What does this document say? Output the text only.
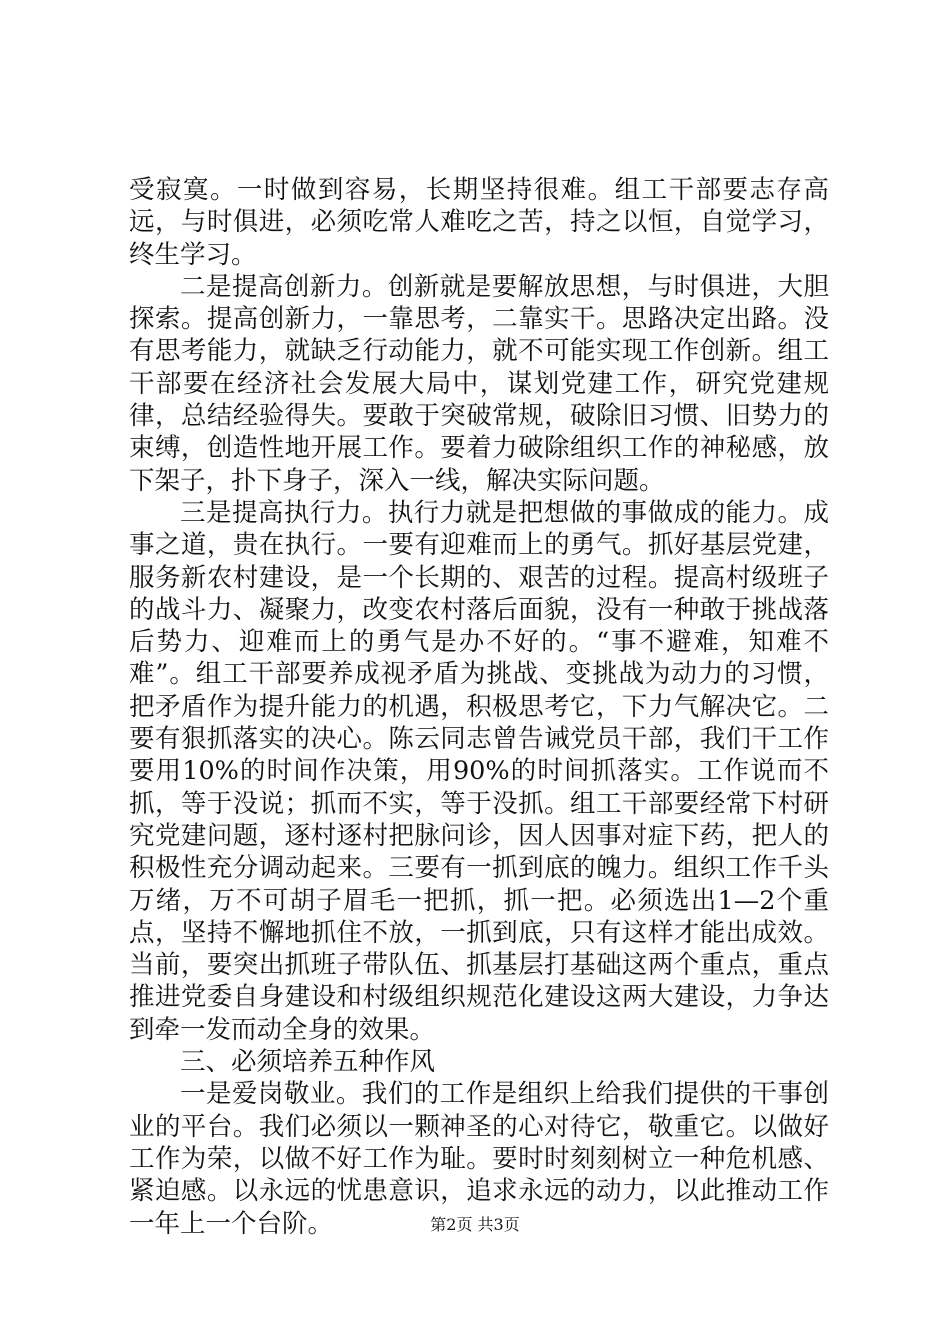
受寂寞。一时做到容易，长期坚持很难。组工干部要志存高远，与时俱进，必须吃常人难吃之苦，持之以恒，自觉学习，终生学习。

二是提高创新力。创新就是要解放思想，与时俱进，大胆探索。提高创新力，一靠思考，二靠实干。思路决定出路。没有思考能力，就缺乏行动能力，就不可能实现工作创新。组工干部要在经济社会发展大局中，谋划党建工作，研究党建规律，总结经验得失。要敢于突破常规，破除旧习惯、旧势力的束缚，创造性地开展工作。要着力破除组织工作的神秘感，放下架子，扑下身子，深入一线，解决实际问题。

三是提高执行力。执行力就是把想做的事做成的能力。成事之道，贵在执行。一要有迎难而上的勇气。抓好基层党建，服务新农村建设，是一个长期的、艰苦的过程。提高村级班子的战斗力、凝聚力，改变农村落后面貌，没有一种敢于挑战落后势力、迎难而上的勇气是办不好的。“事不避难，知难不难”。组工干部要养成视矛盾为挑战、变挑战为动力的习惯，把矛盾作为提升能力的机遇，积极思考它，下力气解决它。二要有狠抓落实的决心。陈云同志曾告诫党员干部，我们干工作要用10%的时间作决策，用90%的时间抓落实。工作说而不抓，等于没说；抓而不实，等于没抓。组工干部要经常下村研究党建问题，逐村逐村把脉问诊，因人因事对症下药，把人的积极性充分调动起来。三要有一抓到底的魄力。组织工作千头万绪，万不可胡子眉毛一把抓，抓一把。必须选出1—2个重点，坚持不懈地抓住不放，一抓到底，只有这样才能出成效。当前，要突出抓班子带队伍、抓基层打基础这两个重点，重点推进党委自身建设和村级组织规范化建设这两大建设，力争达到牵一发而动全身的效果。

三、必须培养五种作风

一是爱岗敬业。我们的工作是组织上给我们提供的干事创业的平台。我们必须以一颗神圣的心对待它，敬重它。以做好工作为荣，以做不好工作为耻。要时时刻刻树立一种危机感、紧迫感。以永远的忧患意识，追求永远的动力，以此推动工作一年上一个台阶。	第2页 共3页
